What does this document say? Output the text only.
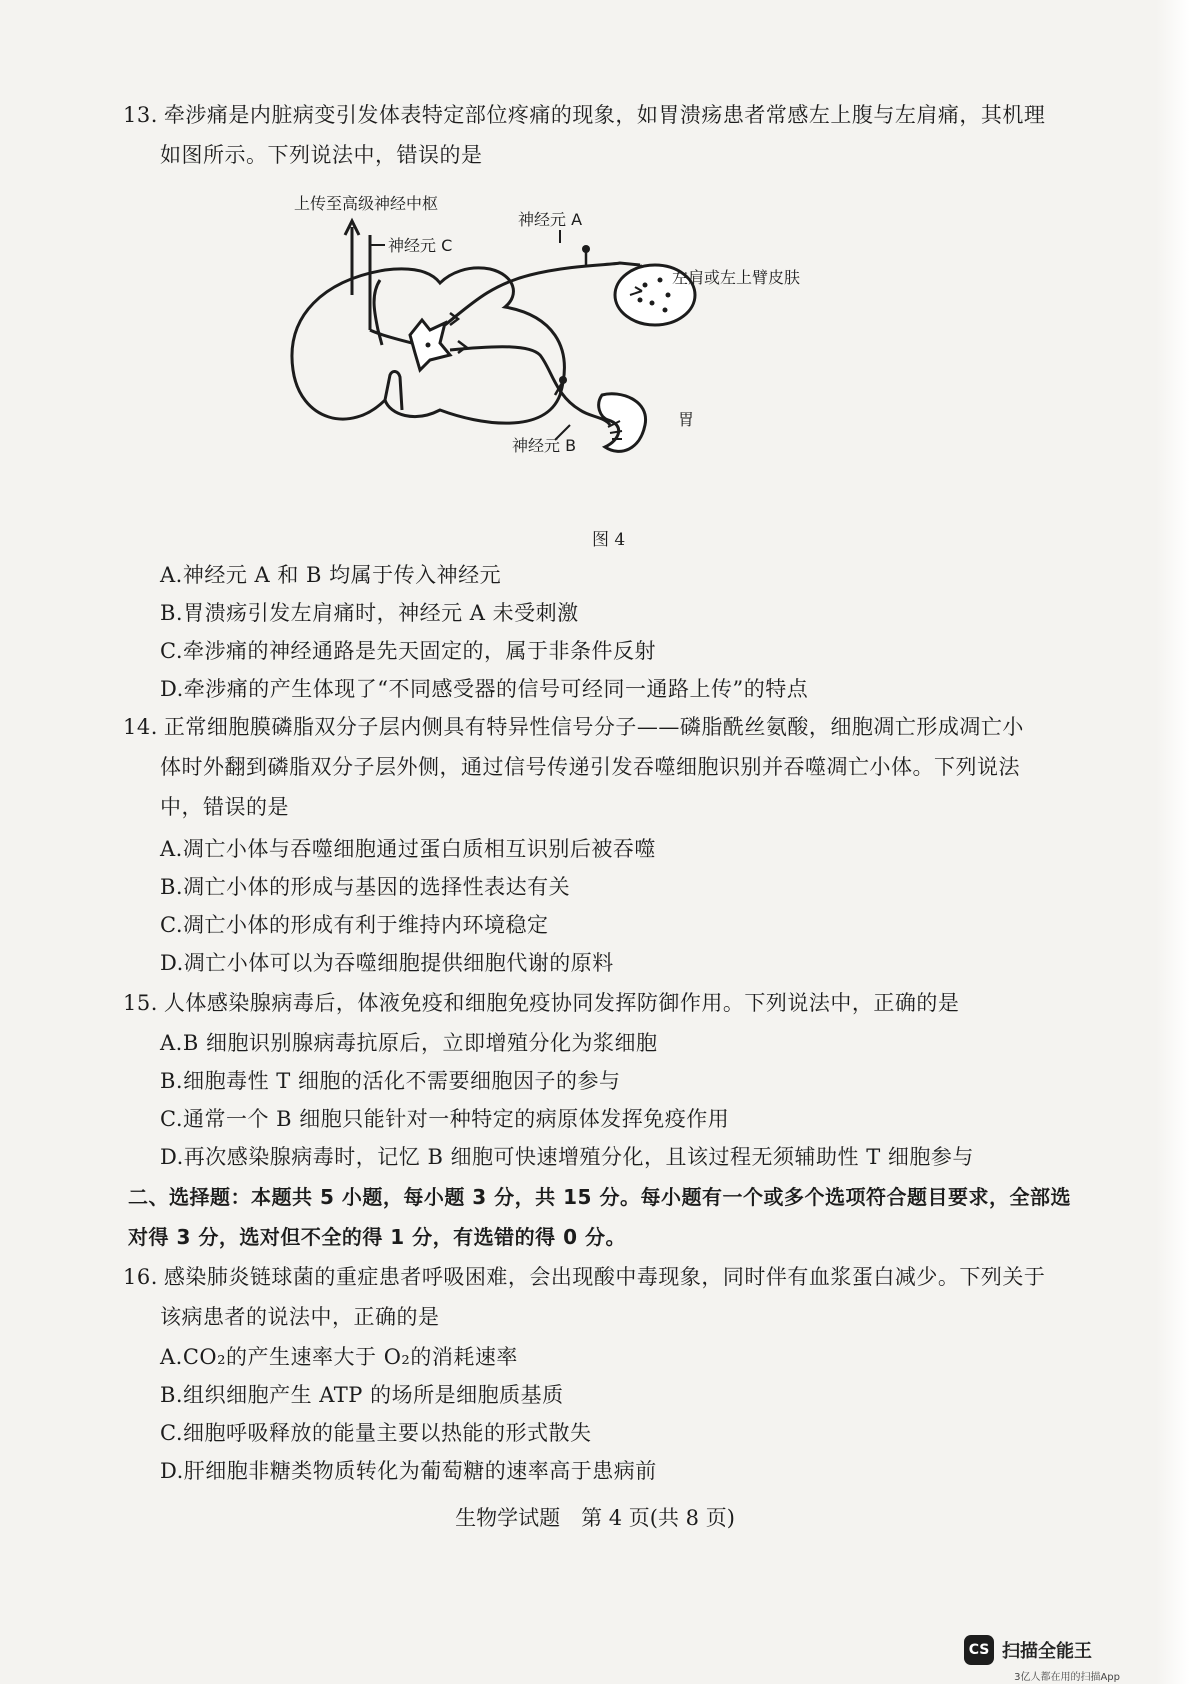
13. 牵涉痛是内脏病变引发体表特定部位疼痛的现象，如胃溃疡患者常感左上腹与左肩痛，其机理
如图所示。下列说法中，错误的是
上传至高级神经中枢
神经元 C
神经元 A
左肩或左上臂皮肤
神经元 B
胃
图 4
A.神经元 A 和 B 均属于传入神经元
B.胃溃疡引发左肩痛时，神经元 A 未受刺激
C.牵涉痛的神经通路是先天固定的，属于非条件反射
D.牵涉痛的产生体现了“不同感受器的信号可经同一通路上传”的特点
14. 正常细胞膜磷脂双分子层内侧具有特异性信号分子——磷脂酰丝氨酸，细胞凋亡形成凋亡小
体时外翻到磷脂双分子层外侧，通过信号传递引发吞噬细胞识别并吞噬凋亡小体。下列说法
中，错误的是
A.凋亡小体与吞噬细胞通过蛋白质相互识别后被吞噬
B.凋亡小体的形成与基因的选择性表达有关
C.凋亡小体的形成有利于维持内环境稳定
D.凋亡小体可以为吞噬细胞提供细胞代谢的原料
15. 人体感染腺病毒后，体液免疫和细胞免疫协同发挥防御作用。下列说法中，正确的是
A.B 细胞识别腺病毒抗原后，立即增殖分化为浆细胞
B.细胞毒性 T 细胞的活化不需要细胞因子的参与
C.通常一个 B 细胞只能针对一种特定的病原体发挥免疫作用
D.再次感染腺病毒时，记忆 B 细胞可快速增殖分化，且该过程无须辅助性 T 细胞参与
二、选择题：本题共 5 小题，每小题 3 分，共 15 分。每小题有一个或多个选项符合题目要求，全部选
对得 3 分，选对但不全的得 1 分，有选错的得 0 分。
16. 感染肺炎链球菌的重症患者呼吸困难，会出现酸中毒现象，同时伴有血浆蛋白减少。下列关于
该病患者的说法中，正确的是
A.CO₂的产生速率大于 O₂的消耗速率
B.组织细胞产生 ATP 的场所是细胞质基质
C.细胞呼吸释放的能量主要以热能的形式散失
D.肝细胞非糖类物质转化为葡萄糖的速率高于患病前
生物学试题　第 4 页(共 8 页)
CS 扫描全能王
3亿人都在用的扫描App
